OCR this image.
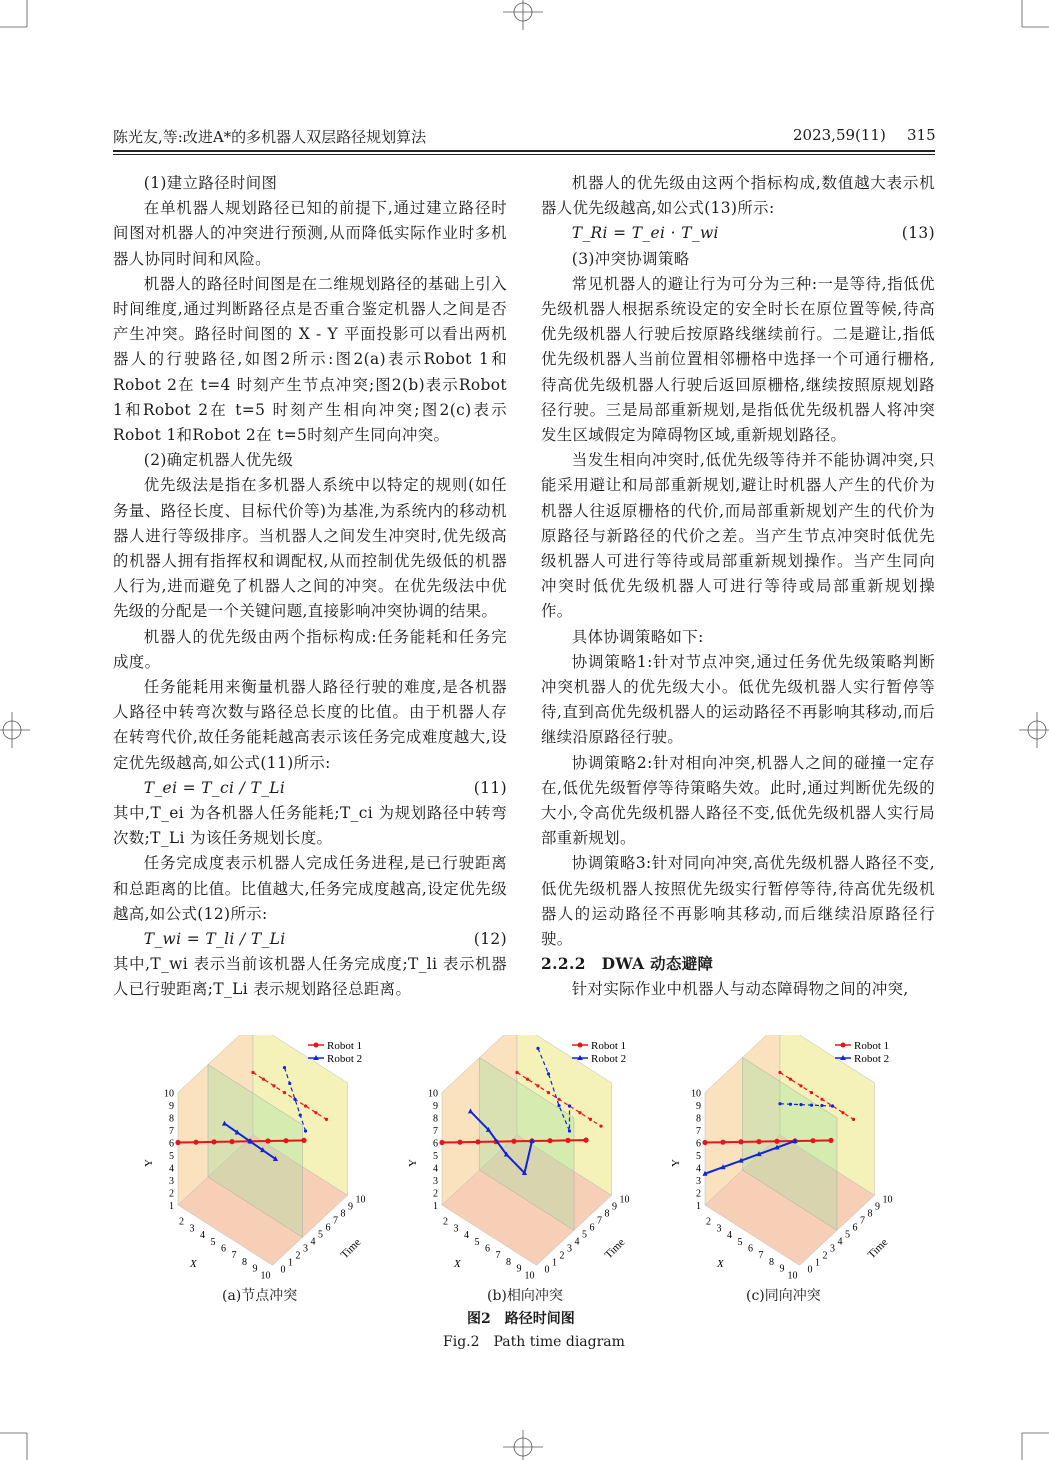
陈光友,等:改进A*的多机器人双层路径规划算法	2023,59(11) 315

(1)建立路径时间图

在单机器人规划路径已知的前提下,通过建立路径时间图对机器人的冲突进行预测,从而降低实际作业时多机器人协同时间和风险。

机器人的路径时间图是在二维规划路径的基础上引入时间维度,通过判断路径点是否重合鉴定机器人之间是否产生冲突。路径时间图的 X - Y 平面投影可以看出两机器人的行驶路径,如图2所示:图2(a)表示Robot 1和Robot 2在 t=4 时刻产生节点冲突;图2(b)表示Robot 1和Robot 2在 t=5 时刻产生相向冲突;图2(c)表示Robot 1和Robot 2在 t=5时刻产生同向冲突。

(2)确定机器人优先级

优先级法是指在多机器人系统中以特定的规则(如任务量、路径长度、目标代价等)为基准,为系统内的移动机器人进行等级排序。当机器人之间发生冲突时,优先级高的机器人拥有指挥权和调配权,从而控制优先级低的机器人行为,进而避免了机器人之间的冲突。在优先级法中优先级的分配是一个关键问题,直接影响冲突协调的结果。

机器人的优先级由两个指标构成:任务能耗和任务完成度。

任务能耗用来衡量机器人路径行驶的难度,是各机器人路径中转弯次数与路径总长度的比值。由于机器人存在转弯代价,故任务能耗越高表示该任务完成难度越大,设定优先级越高,如公式(11)所示:

T_ei = T_ci / T_Li	(11)

其中,T_ei 为各机器人任务能耗;T_ci 为规划路径中转弯次数;T_Li 为该任务规划长度。

任务完成度表示机器人完成任务进程,是已行驶距离和总距离的比值。比值越大,任务完成度越高,设定优先级越高,如公式(12)所示:

T_wi = T_li / T_Li	(12)

其中,T_wi 表示当前该机器人任务完成度;T_li 表示机器人已行驶距离;T_Li 表示规划路径总距离。

机器人的优先级由这两个指标构成,数值越大表示机器人优先级越高,如公式(13)所示:

T_Ri = T_ei · T_wi	(13)

(3)冲突协调策略

常见机器人的避让行为可分为三种:一是等待,指低优先级机器人根据系统设定的安全时长在原位置等候,待高优先级机器人行驶后按原路线继续前行。二是避让,指低优先级机器人当前位置相邻栅格中选择一个可通行栅格,待高优先级机器人行驶后返回原栅格,继续按照原规划路径行驶。三是局部重新规划,是指低优先级机器人将冲突发生区域假定为障碍物区域,重新规划路径。

当发生相向冲突时,低优先级等待并不能协调冲突,只能采用避让和局部重新规划,避让时机器人产生的代价为机器人往返原栅格的代价,而局部重新规划产生的代价为原路径与新路径的代价之差。当产生节点冲突时低优先级机器人可进行等待或局部重新规划操作。当产生同向冲突时低优先级机器人可进行等待或局部重新规划操作。

具体协调策略如下:

协调策略1:针对节点冲突,通过任务优先级策略判断冲突机器人的优先级大小。低优先级机器人实行暂停等待,直到高优先级机器人的运动路径不再影响其移动,而后继续沿原路径行驶。

协调策略2:针对相向冲突,机器人之间的碰撞一定存在,低优先级暂停等待策略失效。此时,通过判断优先级的大小,令高优先级机器人路径不变,低优先级机器人实行局部重新规划。

协调策略3:针对同向冲突,高优先级机器人路径不变,低优先级机器人按照优先级实行暂停等待,待高优先级机器人的运动路径不再影响其移动,而后继续沿原路径行驶。

2.2.2　DWA 动态避障

针对实际作业中机器人与动态障碍物之间的冲突,

1
2
3
4
5
6
7
8
9
10
2
3
4
5
6
7
8
9
10
0
1
2
3
4
5
6
7
8
9
10
Y
X
Time
Robot 1
Robot 2
1
2
3
4
5
6
7
8
9
10
2
3
4
5
6
7
8
9
10
0
1
2
3
4
5
6
7
8
9
10
Y
X
Time
Robot 1
Robot 2
1
2
3
4
5
6
7
8
9
10
2
3
4
5
6
7
8
9
10
0
1
2
3
4
5
6
7
8
9
10
Y
X
Time
Robot 1
Robot 2
(a)节点冲突	(b)相向冲突	(c)同向冲突
图2　路径时间图
Fig.2　Path time diagram
